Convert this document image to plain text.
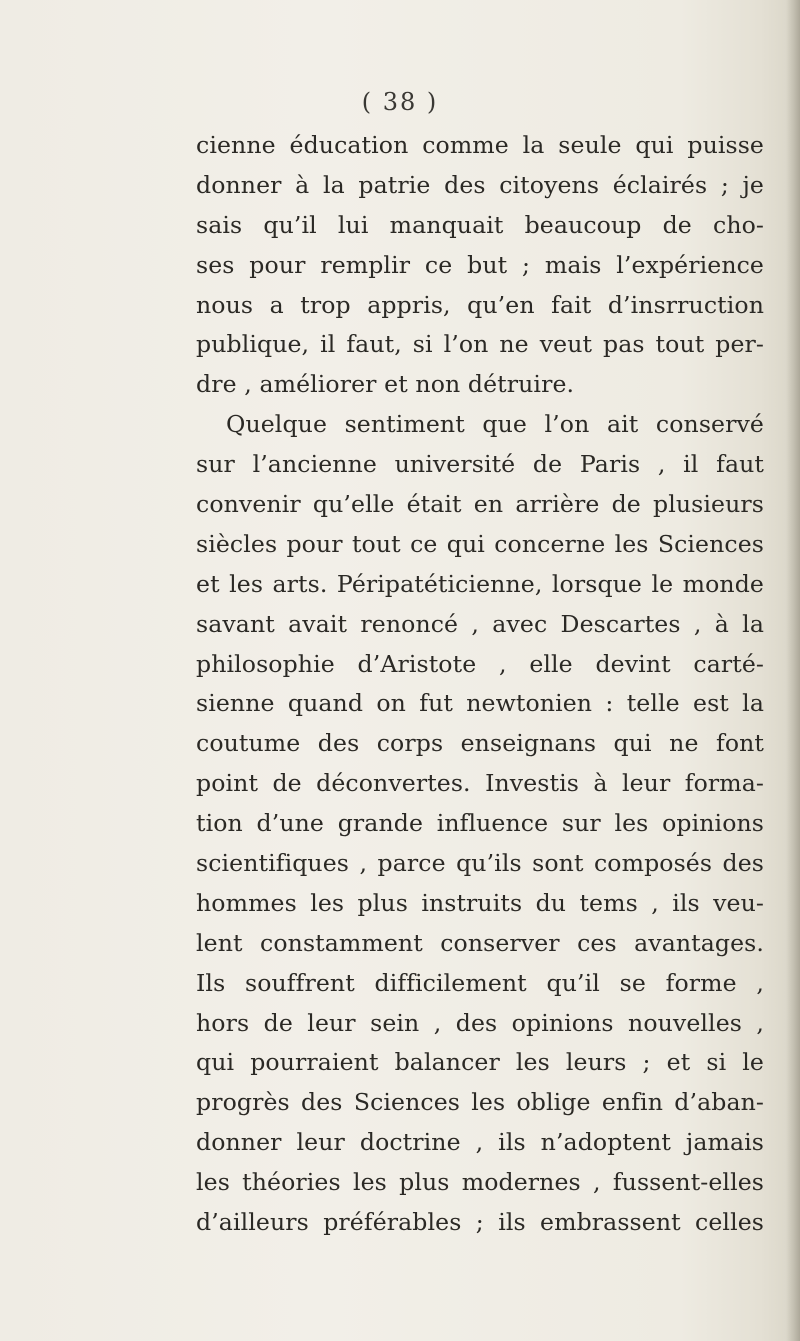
( 38 )
cienne éducation comme la seule qui puisse
donner à la patrie des citoyens éclairés ; je
sais qu’il lui manquait beaucoup de cho-
ses pour remplir ce but ; mais l’expérience
nous a trop appris, qu’en fait d’insrruction
publique, il faut, si l’on ne veut pas tout per-
dre , améliorer et non détruire.
Quelque sentiment que l’on ait conservé
sur l’ancienne université de Paris , il faut
convenir qu’elle était en arrière de plusieurs
siècles pour tout ce qui concerne les Sciences
et les arts. Péripatéticienne, lorsque le monde
savant avait renoncé , avec Descartes , à la
philosophie d’Aristote , elle devint carté-
sienne quand on fut newtonien : telle est la
coutume des corps enseignans qui ne font
point de déconvertes. Investis à leur forma-
tion d’une grande influence sur les opinions
scientifiques , parce qu’ils sont composés des
hommes les plus instruits du tems , ils veu-
lent constamment conserver ces avantages.
Ils souffrent difficilement qu’il se forme ,
hors de leur sein , des opinions nouvelles ,
qui pourraient balancer les leurs ; et si le
progrès des Sciences les oblige enfin d’aban-
donner leur doctrine , ils n’adoptent jamais
les théories les plus modernes , fussent-elles
d’ailleurs préférables ; ils embrassent celles
